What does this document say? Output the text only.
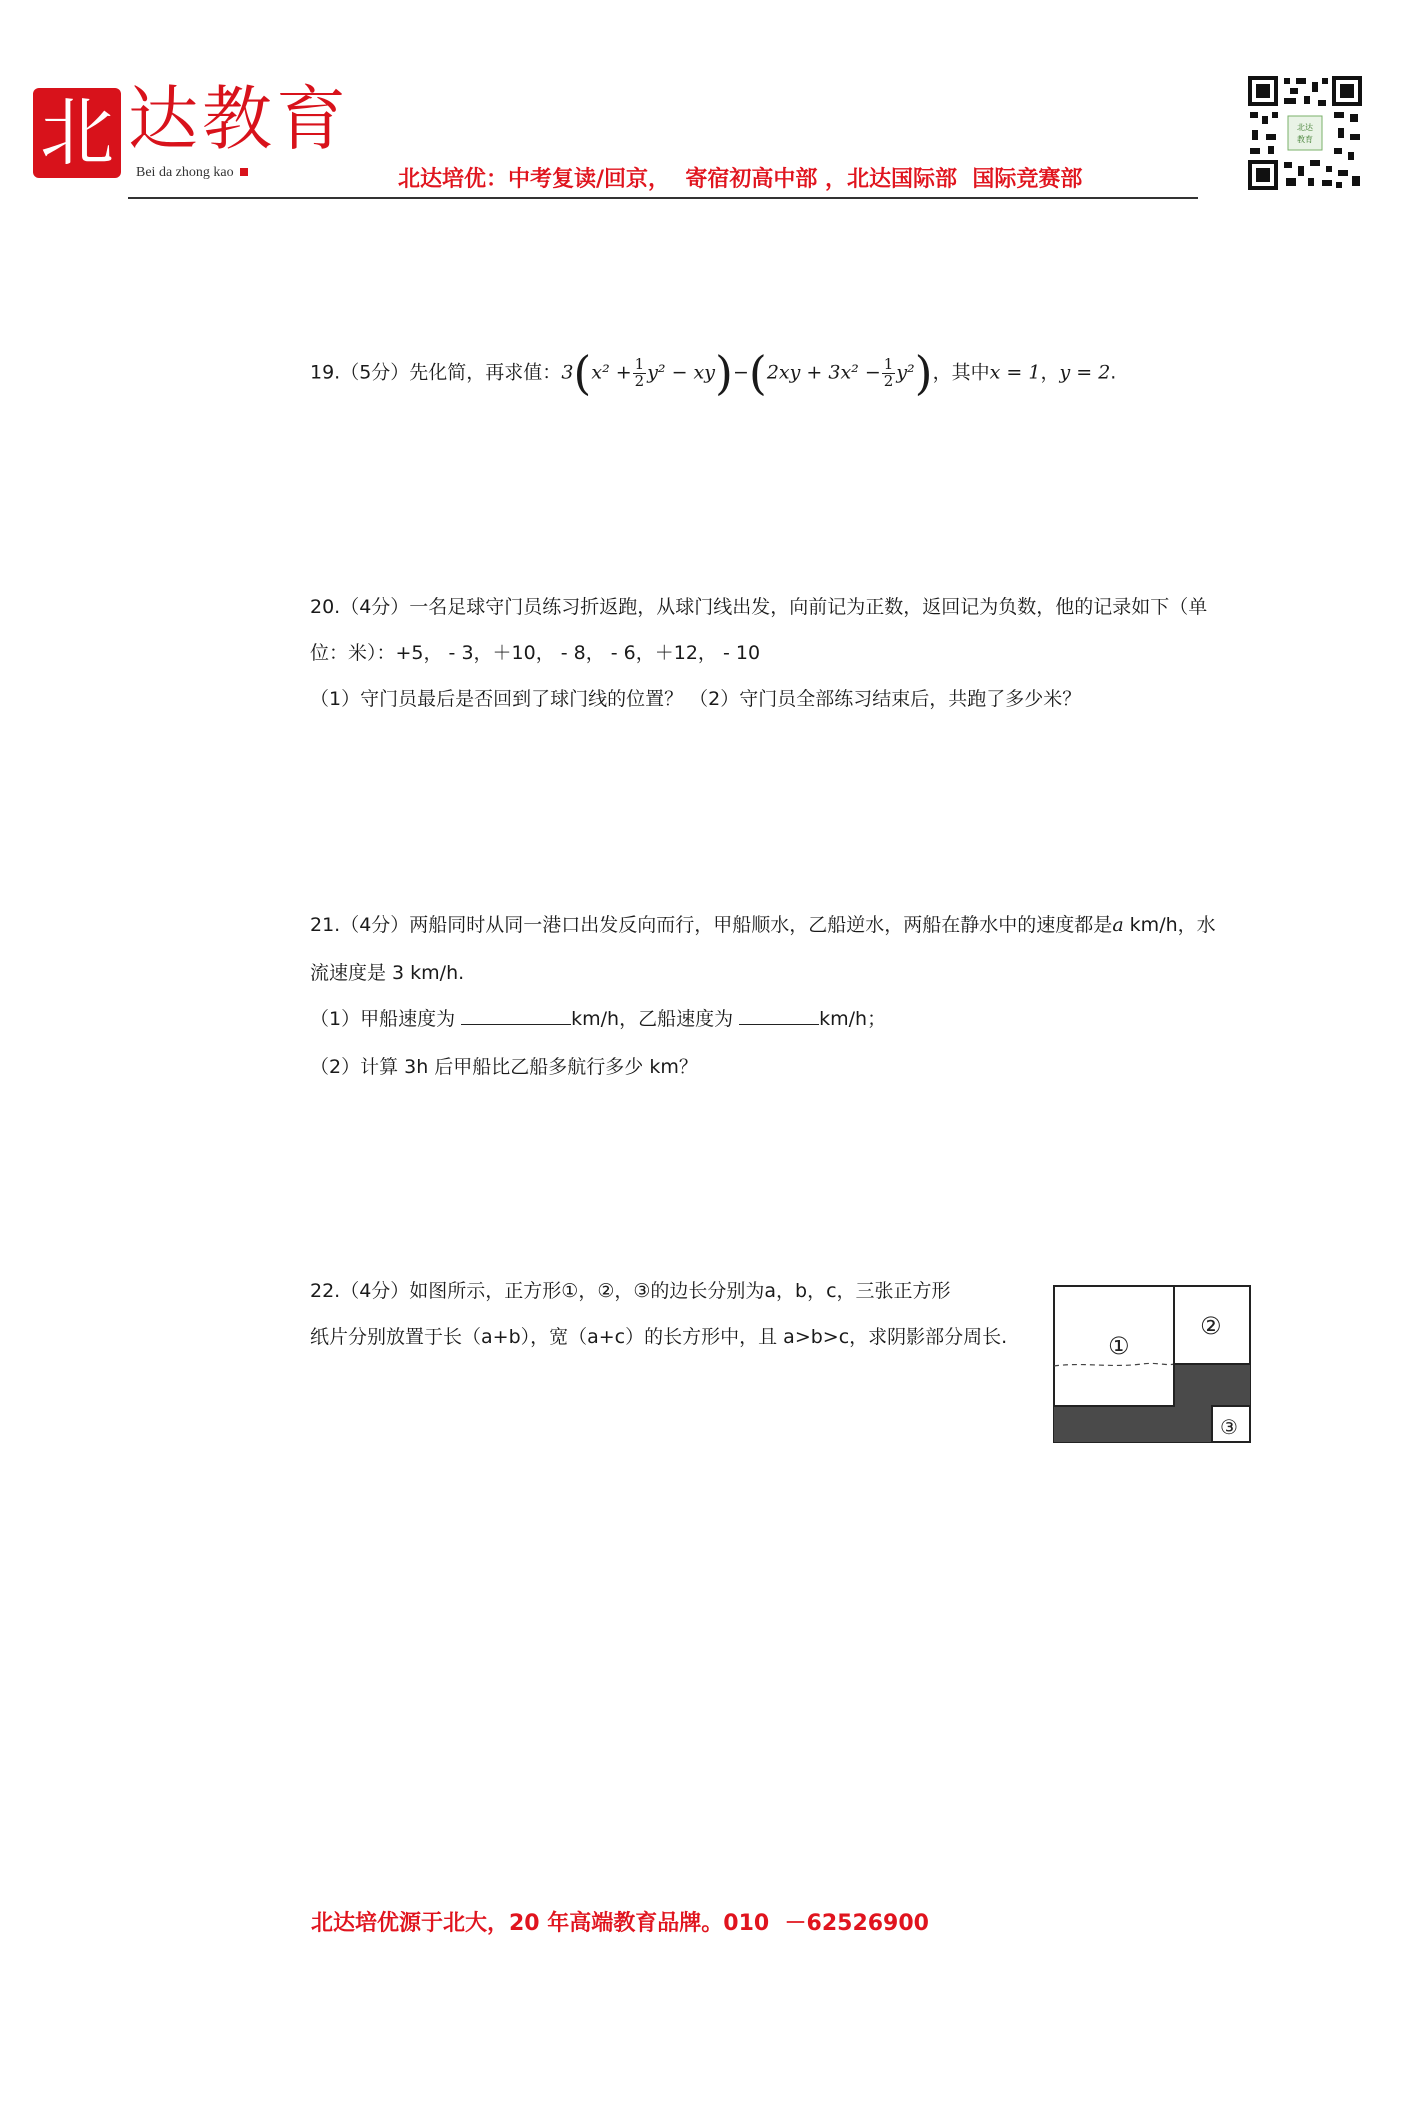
北 达教育
Bei da zhong kao	北达培优：中考复读/回京，  寄宿初高中部 ，北达国际部  国际竞赛部
北达
教育
19.（5分）先化简，再求值：$3(x^2 + \frac{1}{2} y^2 - xy)-(2xy + 3x^2 - \frac{1}{2} y^2)$，其中x = 1，y = 2.
20.（4分）一名足球守门员练习折返跑，从球门线出发，向前记为正数，返回记为负数，他的记录如下（单
位：米）：+5， - 3，＋10， - 8， - 6，＋12， - 10
（1）守门员最后是否回到了球门线的位置？ （2）守门员全部练习结束后，共跑了多少米？
21.（4分）两船同时从同一港口出发反向而行，甲船顺水，乙船逆水，两船在静水中的速度都是a km/h，水
流速度是 3 km/h.
（1）甲船速度为	km/h，乙船速度为	km/h；
（2）计算 3h 后甲船比乙船多航行多少 km？
22.（4分）如图所示，正方形①，②，③的边长分别为a，b，c，三张正方形
纸片分别放置于长（a+b），宽（a+c）的长方形中，且 a>b>c，求阴影部分周长.	①
②
③
北达培优源于北大，20 年高端教育品牌。010  －62526900
